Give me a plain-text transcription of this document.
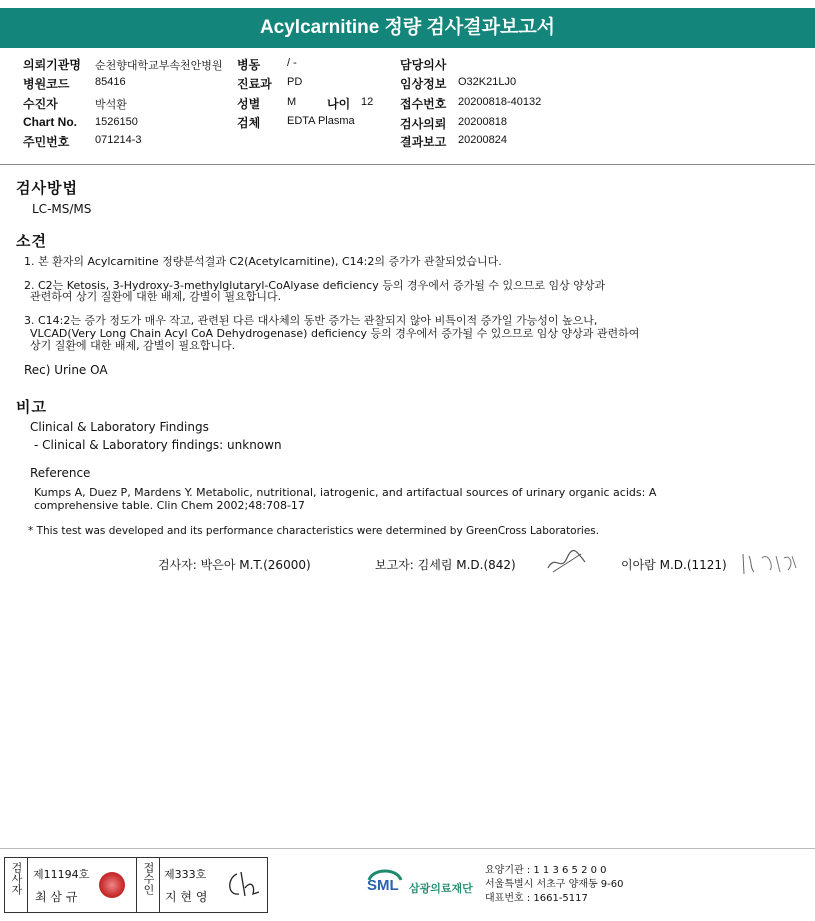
Acylcarnitine 정량 검사결과보고서
의뢰기관명 순천향대학교부속천안병원 병동 / -	담당의사
병원코드 85416	진료과 PD	임상정보 O32K21LJ0
수진자	박석환	성별 M	나이 12 접수번호 20200818-40132
Chart No. 1526150	검체 EDTA Plasma	검사의뢰 20200818
주민번호 071214-3	결과보고 20200824
검사방법
LC-MS/MS
소견
1. 본 환자의 Acylcarnitine 정량분석결과 C2(Acetylcarnitine), C14:2의 증가가 관찰되었습니다.
2. C2는 Ketosis, 3-Hydroxy-3-methylglutaryl-CoAlyase deficiency 등의 경우에서 증가될 수 있으므로 임상 양상과
관련하여 상기 질환에 대한 배제, 감별이 필요합니다.
3. C14:2는 증가 정도가 매우 작고, 관련된 다른 대사체의 동반 증가는 관찰되지 않아 비특이적 증가일 가능성이 높으나,
VLCAD(Very Long Chain Acyl CoA Dehydrogenase) deficiency 등의 경우에서 증가될 수 있으므로 임상 양상과 관련하여
상기 질환에 대한 배제, 감별이 필요합니다.
Rec) Urine OA
비고
Clinical & Laboratory Findings
- Clinical & Laboratory findings: unknown
Reference
Kumps A, Duez P, Mardens Y. Metabolic, nutritional, iatrogenic, and artifactual sources of urinary organic acids: A
comprehensive table. Clin Chem 2002;48:708-17
* This test was developed and its performance characteristics were determined by GreenCross Laboratories.
검사자: 박은아 M.T.(26000)	보고자: 김세림 M.D.(842)	이아람 M.D.(1121)
검사자 제11194호
최 삼 규
접수인 제333호
지 현 영
SML 삼광의료재단
요양기관 : 1 1 3 6 5 2 0 0
서울특별시 서초구 양재동 9-60
대표번호 : 1661-5117
